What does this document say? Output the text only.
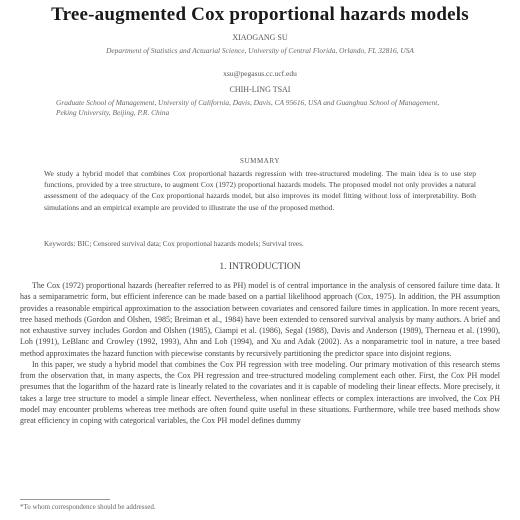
Tree-augmented Cox proportional hazards models
XIAOGANG SU
Department of Statistics and Actuarial Science, University of Central Florida, Orlando, FL 32816, USA
xsu@pegasus.cc.ucf.edu
CHIH-LING TSAI
Graduate School of Management, University of California, Davis, Davis, CA 95616, USA and Guanghua School of Management, Peking University, Beijing, P.R. China
SUMMARY
We study a hybrid model that combines Cox proportional hazards regression with tree-structured modeling. The main idea is to use step functions, provided by a tree structure, to augment Cox (1972) proportional hazards models. The proposed model not only provides a natural assessment of the adequacy of the Cox proportional hazards model, but also improves its model fitting without loss of interpretability. Both simulations and an empirical example are provided to illustrate the use of the proposed method.
Keywords: BIC; Censored survival data; Cox proportional hazards models; Survival trees.
1. INTRODUCTION

The Cox (1972) proportional hazards (hereafter referred to as PH) model is of central importance in the analysis of censored failure time data. It has a semiparametric form, but efficient inference can be made based on a partial likelihood approach (Cox, 1975). In addition, the PH assumption provides a reasonable empirical approximation to the association between covariates and censored failure times in application. In more recent years, tree based methods (Gordon and Olshen, 1985; Breiman et al., 1984) have been extended to censored survival analysis by many authors. A brief and not exhaustive survey includes Gordon and Olshen (1985), Ciampi et al. (1986), Segal (1988), Davis and Anderson (1989), Therneau et al. (1990), Loh (1991), LeBlanc and Crowley (1992, 1993), Ahn and Loh (1994), and Xu and Adak (2002). As a nonparametric tool in nature, a tree based method approximates the hazard function with piecewise constants by recursively partitioning the predictor space into disjoint regions.

In this paper, we study a hybrid model that combines the Cox PH regression with tree modeling. Our primary motivation of this research stems from the observation that, in many aspects, the Cox PH regression and tree-structured modeling complement each other. First, the Cox PH model presumes that the logarithm of the hazard rate is linearly related to the covariates and it is capable of modeling their linear effects. More precisely, it takes a large tree structure to model a simple linear effect. Nevertheless, when nonlinear effects or complex interactions are involved, the Cox PH model may encounter problems whereas tree methods are often found quite useful in these situations. Furthermore, while tree based methods show great efficiency in coping with categorical variables, the Cox PH model defines dummy

*To whom correspondence should be addressed.
